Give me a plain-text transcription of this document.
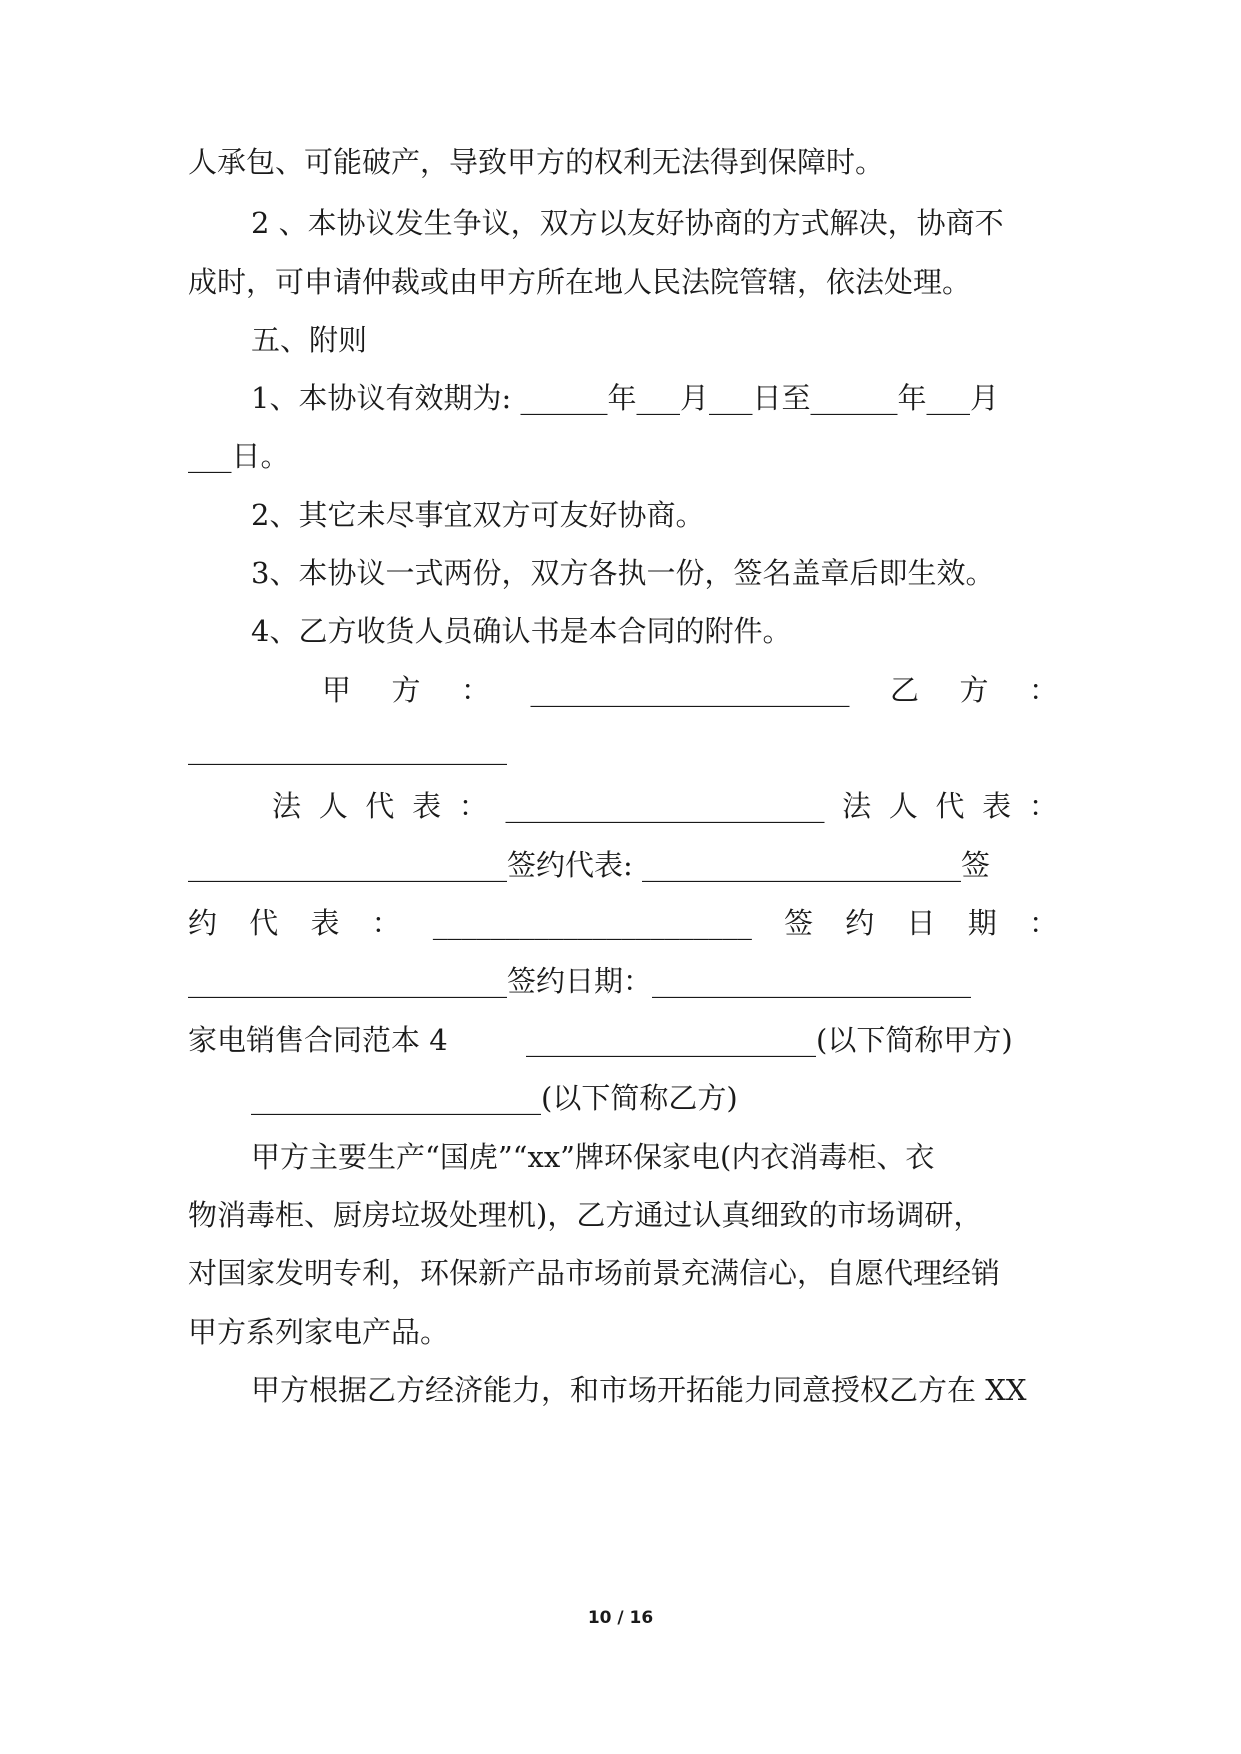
人承包、可能破产，导致甲方的权利无法得到保障时。
2 、本协议发生争议，双方以友好协商的方式解决，协商不
成时，可申请仲裁或由甲方所在地人民法院管辖，依法处理。
五、附则
1、本协议有效期为: ______年___月___日至______年___月
___日。
2、其它未尽事宜双方可友好协商。
3、本协议一式两份，双方各执一份，签名盖章后即生效。
4、乙方收货人员确认书是本合同的附件。
甲 方 ： ______________________ 乙 方 ：
______________________
法 人 代 表 ： ______________________ 法 人 代 表 ：
______________________签约代表: ______________________签
约 代 表 ： ______________________ 签 约 日 期 ：
______________________签约日期：______________________
家电销售合同范本 4	____________________(以下简称甲方)
____________________(以下简称乙方)
甲方主要生产“国虎”“xx”牌环保家电(内衣消毒柜、衣
物消毒柜、厨房垃圾处理机)，乙方通过认真细致的市场调研，
对国家发明专利，环保新产品市场前景充满信心，自愿代理经销
甲方系列家电产品。
甲方根据乙方经济能力，和市场开拓能力同意授权乙方在 XX
10 / 16
